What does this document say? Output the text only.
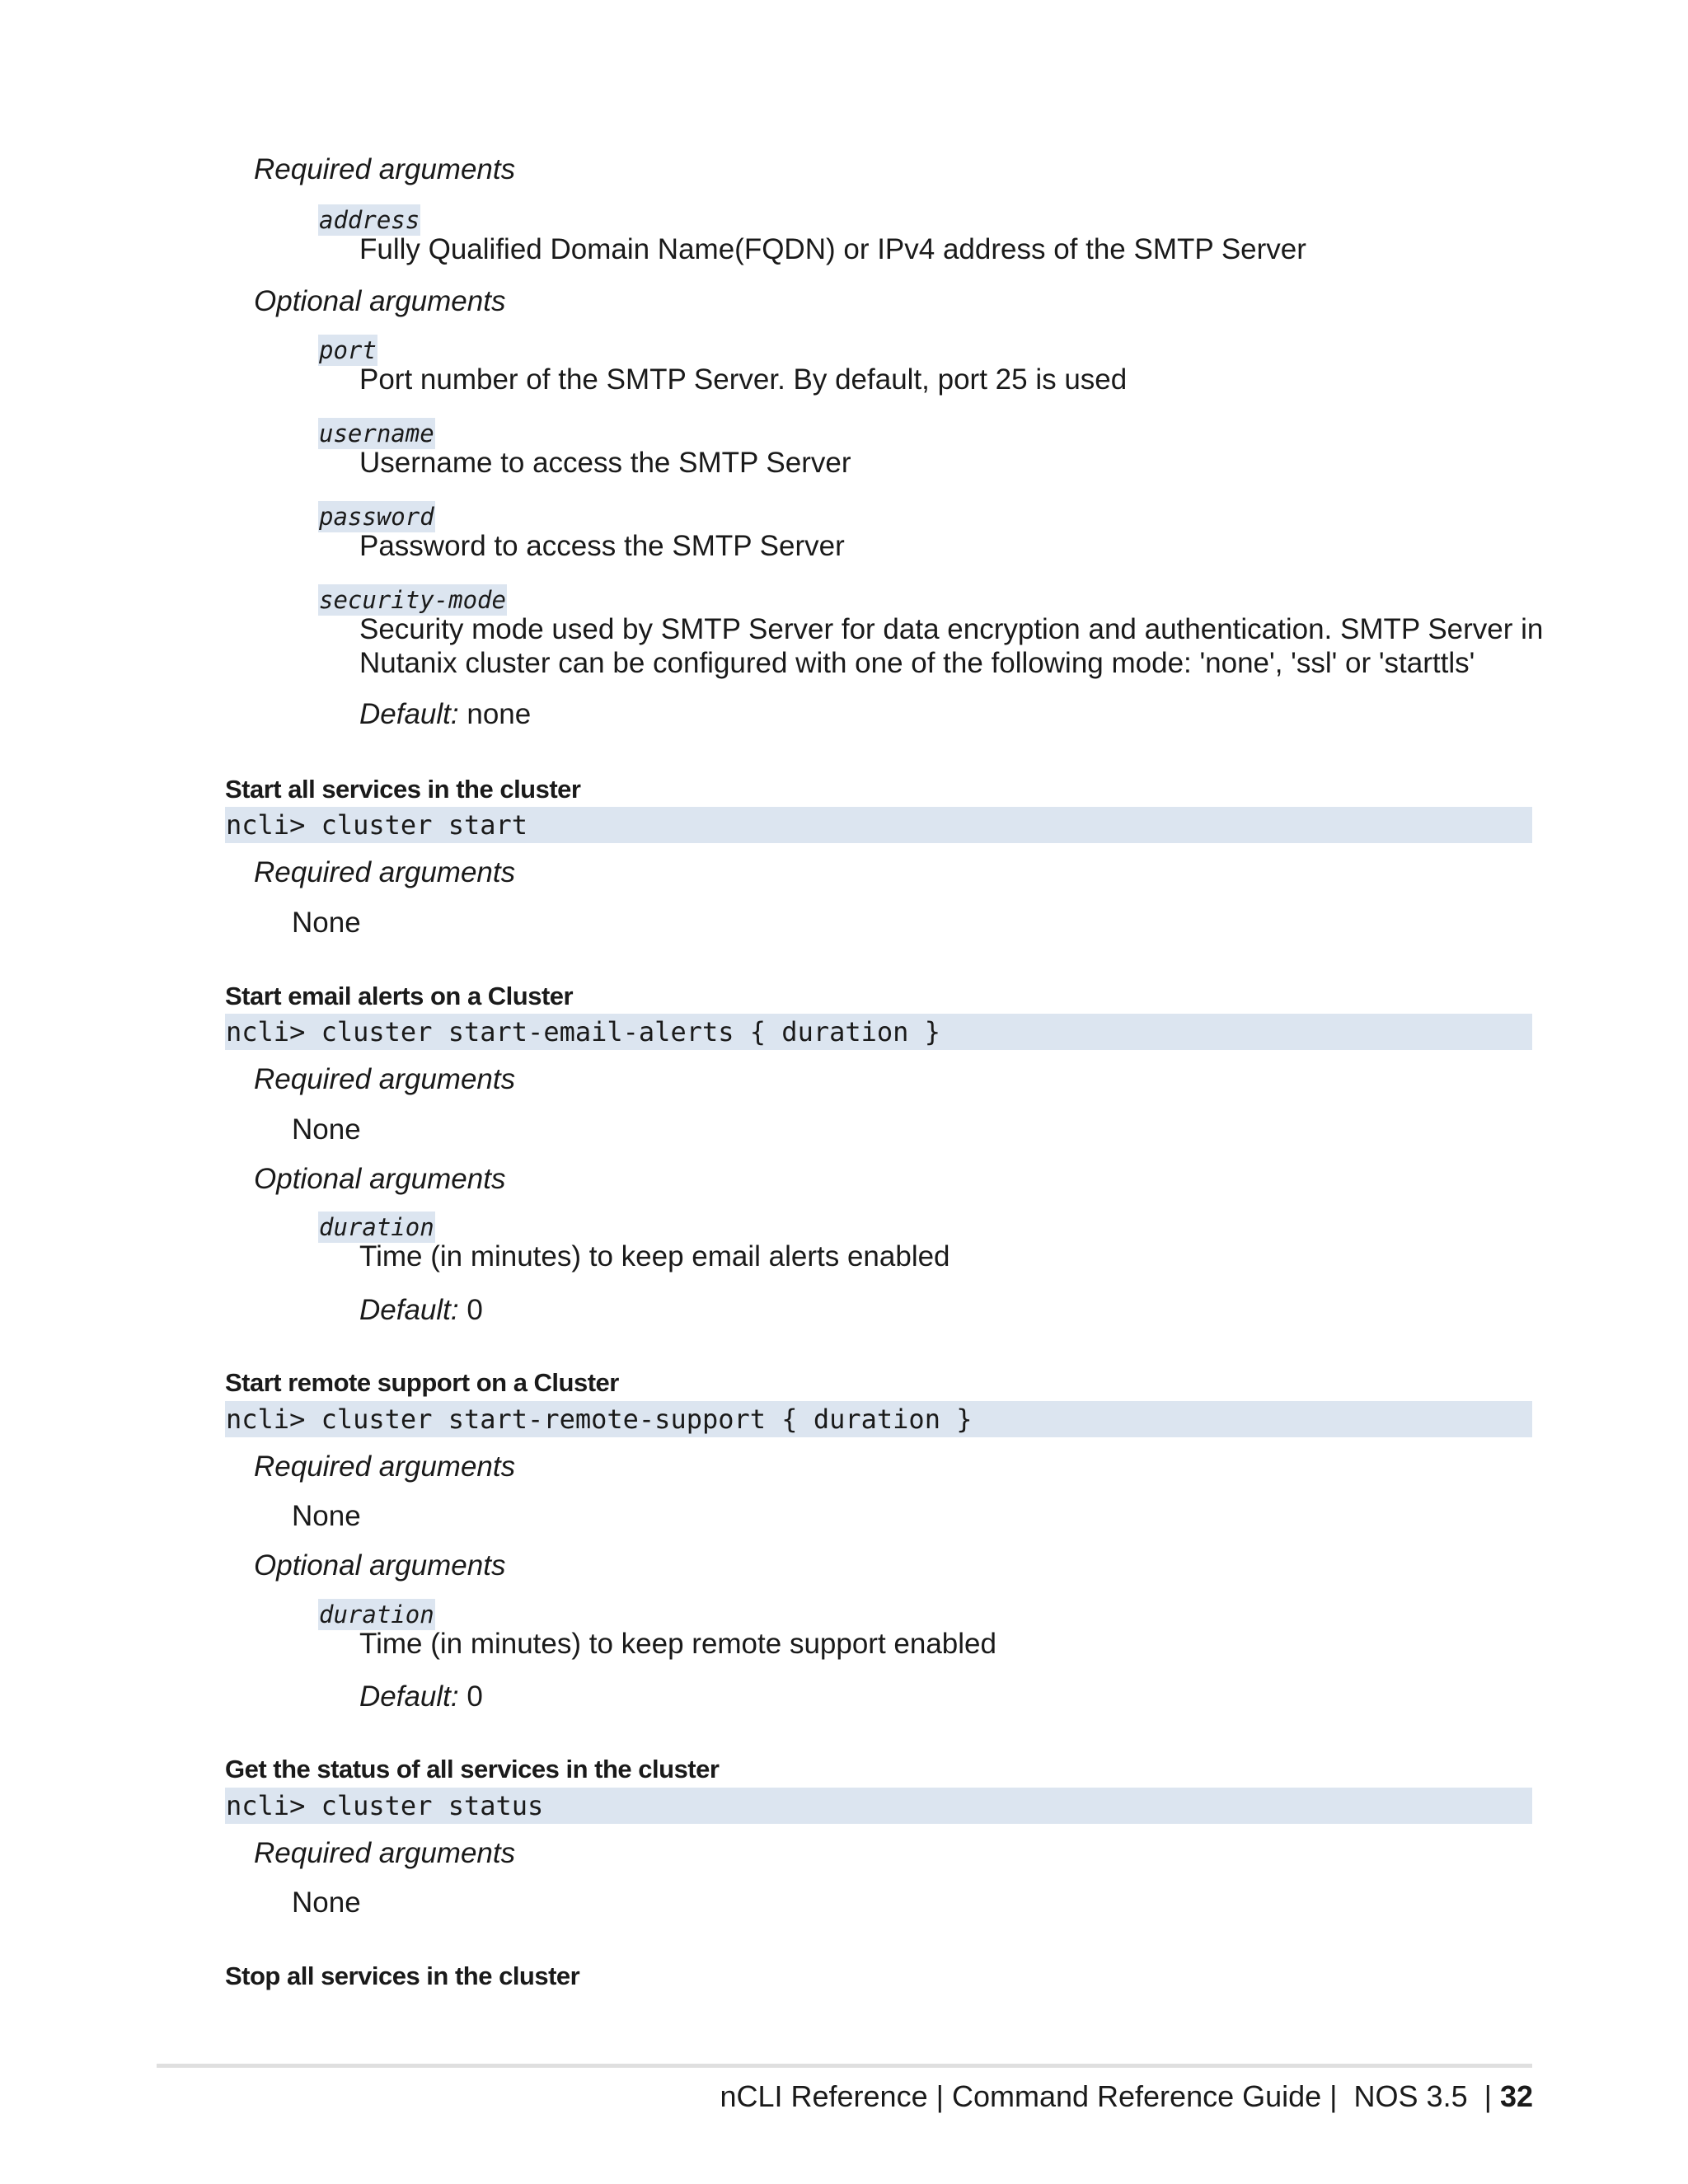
Required arguments
address
Fully Qualified Domain Name(FQDN) or IPv4 address of the SMTP Server
Optional arguments
port
Port number of the SMTP Server. By default, port 25 is used
username
Username to access the SMTP Server
password
Password to access the SMTP Server
security-mode
Security mode used by SMTP Server for data encryption and authentication. SMTP Server in
Nutanix cluster can be configured with one of the following mode: 'none', 'ssl' or 'starttls'
Default: none
Start all services in the cluster
ncli> cluster start
Required arguments
None
Start email alerts on a Cluster
ncli> cluster start-email-alerts { duration }
Required arguments
None
Optional arguments
duration
Time (in minutes) to keep email alerts enabled
Default: 0
Start remote support on a Cluster
ncli> cluster start-remote-support { duration }
Required arguments
None
Optional arguments
duration
Time (in minutes) to keep remote support enabled
Default: 0
Get the status of all services in the cluster
ncli> cluster status
Required arguments
None
Stop all services in the cluster
nCLI Reference | Command Reference Guide |  NOS 3.5  | 32
